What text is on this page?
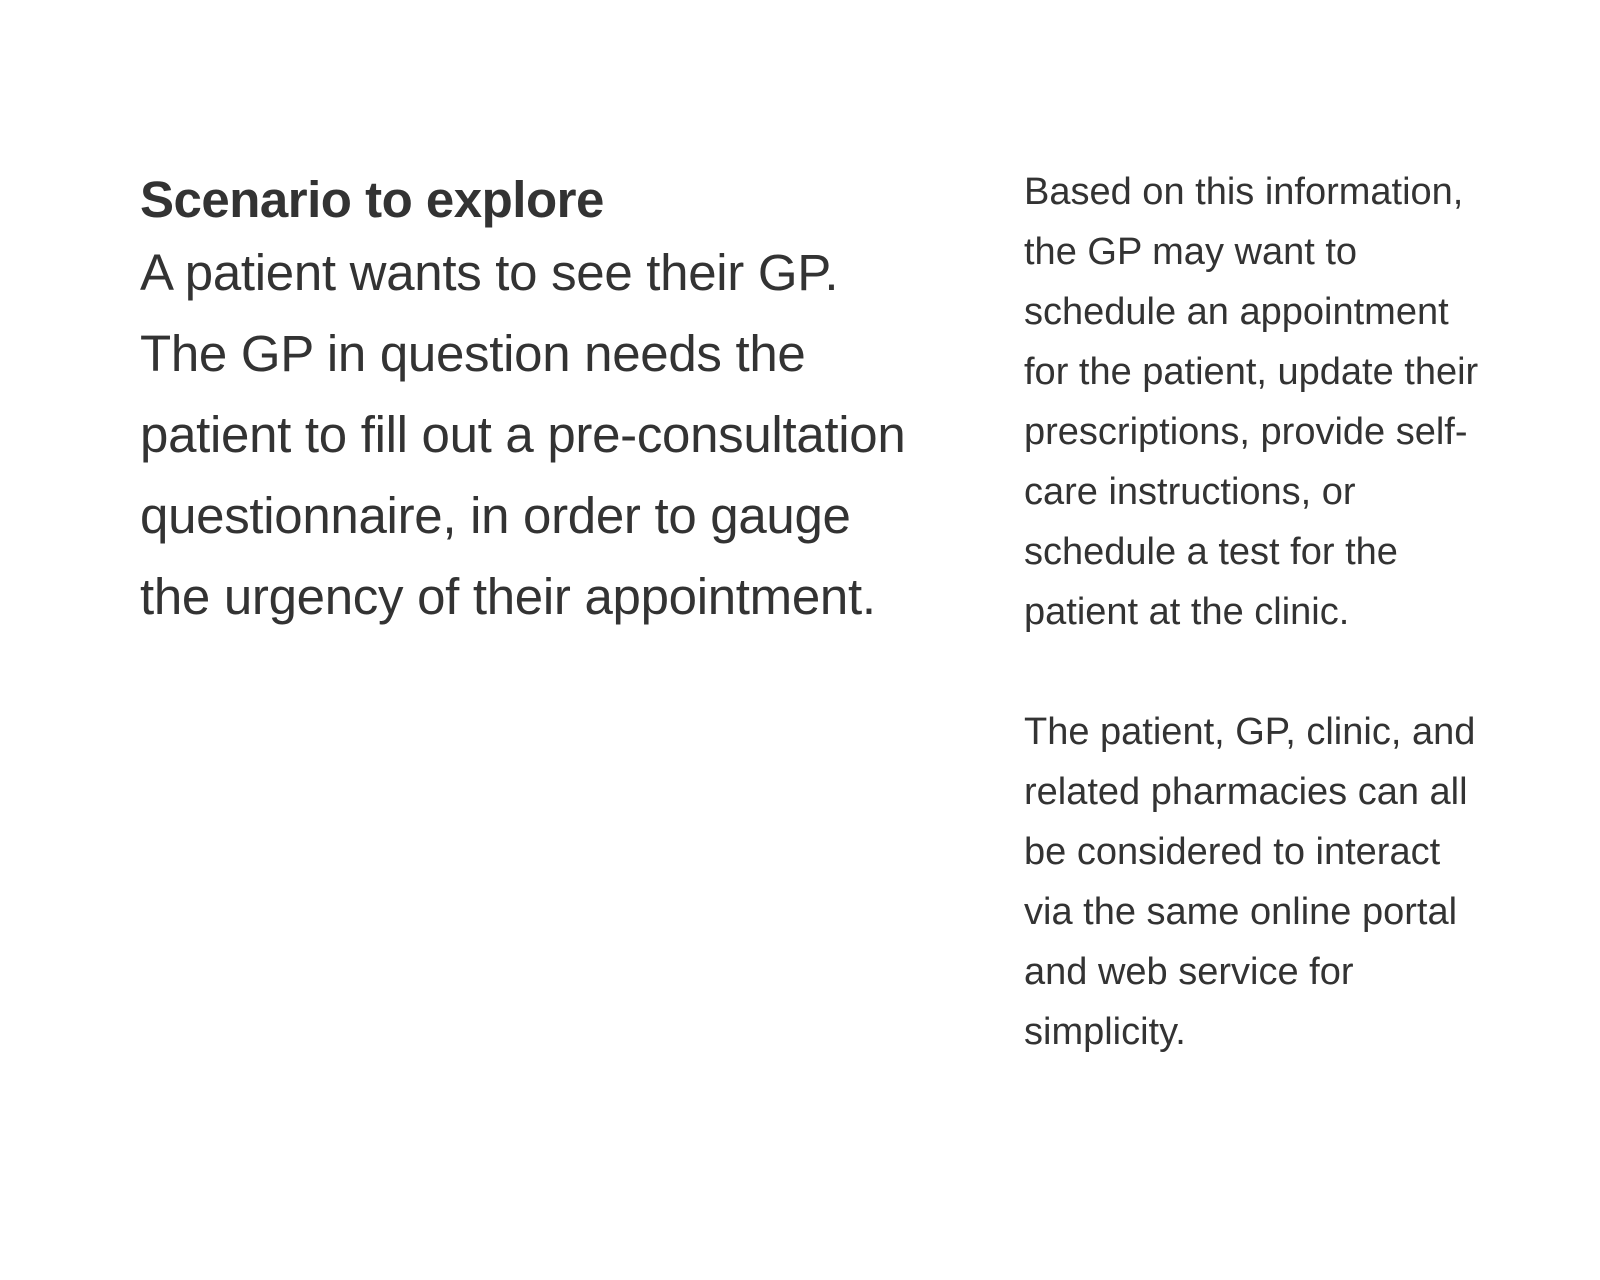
Scenario to explore

A patient wants to see their GP. The GP in question needs the patient to fill out a pre-consultation questionnaire, in order to gauge the urgency of their appointment.

Based on this information, the GP may want to schedule an appointment for the patient, update their prescriptions, provide self-care instructions, or schedule a test for the patient at the clinic.

The patient, GP, clinic, and related pharmacies can all be considered to interact via the same online portal and web service for simplicity.
